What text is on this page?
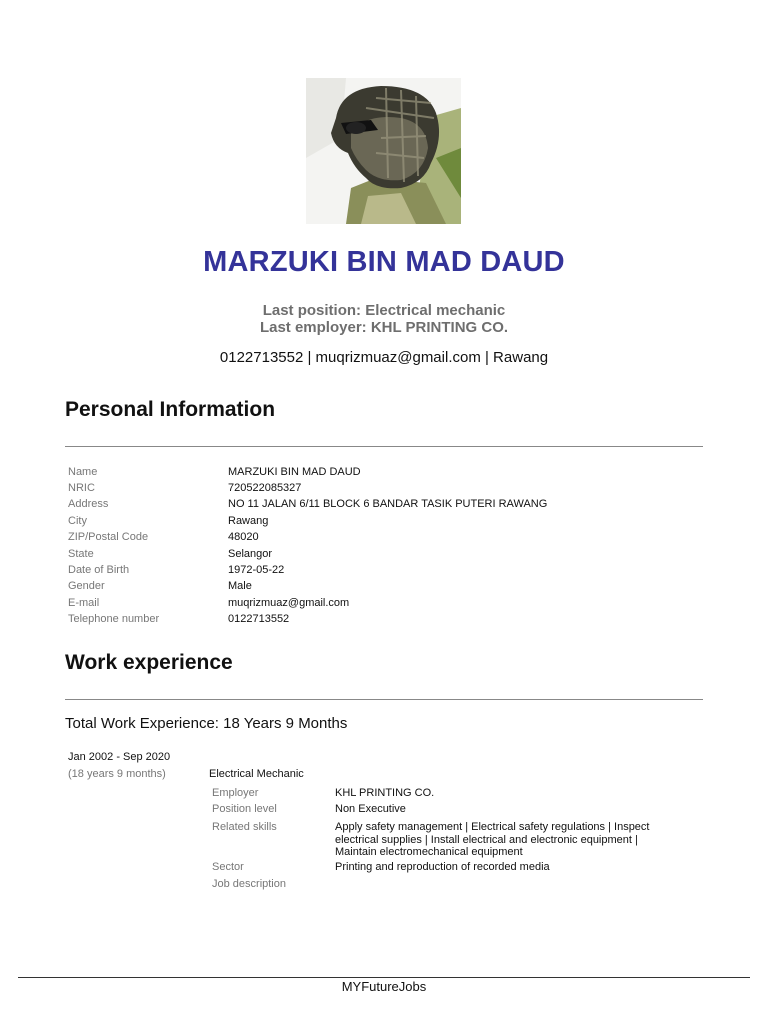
MARZUKI BIN MAD DAUD
Last position: Electrical mechanic
Last employer: KHL PRINTING CO.
0122713552 | muqrizmuaz@gmail.com | Rawang
Personal Information
Name	MARZUKI BIN MAD DAUD
NRIC	720522085327
Address	NO 11 JALAN 6/11 BLOCK 6 BANDAR TASIK PUTERI RAWANG
City	Rawang
ZIP/Postal Code	48020
State	Selangor
Date of Birth	1972-05-22
Gender	Male
E-mail	muqrizmuaz@gmail.com
Telephone number	0122713552
Work experience
Total Work Experience: 18 Years 9 Months
Jan 2002 - Sep 2020
(18 years 9 months)	Electrical Mechanic
Employer	KHL PRINTING CO.
Position level	Non Executive
Related skills	Apply safety management | Electrical safety regulations | Inspect electrical supplies | Install electrical and electronic equipment | Maintain electromechanical equipment
Sector	Printing and reproduction of recorded media
Job description
MYFutureJobs
